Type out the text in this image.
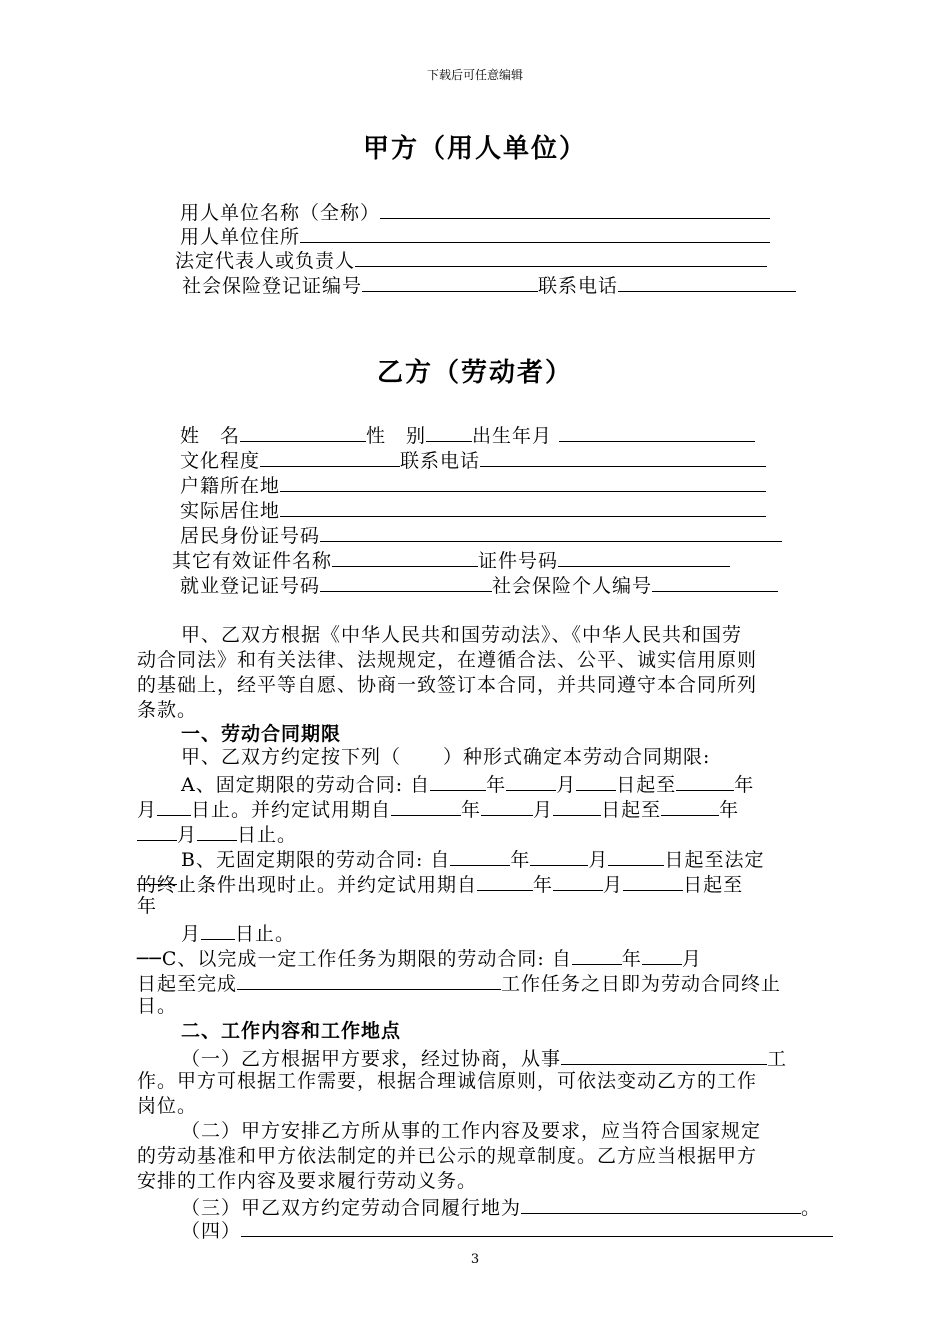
下载后可任意编辑
甲方（用人单位）
用人单位名称（全称）
用人单位住所
法定代表人或负责人
社会保险登记证编号	联系电话
乙方（劳动者）
姓　名	性　别 出生年月
文化程度	联系电话
户籍所在地
实际居住地
居民身份证号码
其它有效证件名称	证件号码
就业登记证号码	社会保险个人编号
甲、乙双方根据《中华人民共和国劳动法》、《中华人民共和国劳
动合同法》和有关法律、法规规定，在遵循合法、公平、诚实信用原则
的基础上，经平等自愿、协商一致签订本合同，并共同遵守本合同所列
条款。
一、劳动合同期限
甲、乙双方约定按下列（ ）种形式确定本劳动合同期限:
A、固定期限的劳动合同: 自	年	月 日起至	年
月 日止。并约定试用期自	年	月	日起至	年
月 日止。
B、无固定期限的劳动合同: 自	年	月	日起至法定
的终止条件出现时止。并约定试用期自	年	月	日起至
年
月 日止。
──C、以完成一定工作任务为期限的劳动合同: 自	年 月
日起至完成	工作任务之日即为劳动合同终止
日。
二、工作内容和工作地点
（一）乙方根据甲方要求，经过协商，从事	工
作。甲方可根据工作需要，根据合理诚信原则，可依法变动乙方的工作
岗位。
（二）甲方安排乙方所从事的工作内容及要求，应当符合国家规定
的劳动基准和甲方依法制定的并已公示的规章制度。乙方应当根据甲方
安排的工作内容及要求履行劳动义务。
（三）甲乙双方约定劳动合同履行地为	。
（四）
3
